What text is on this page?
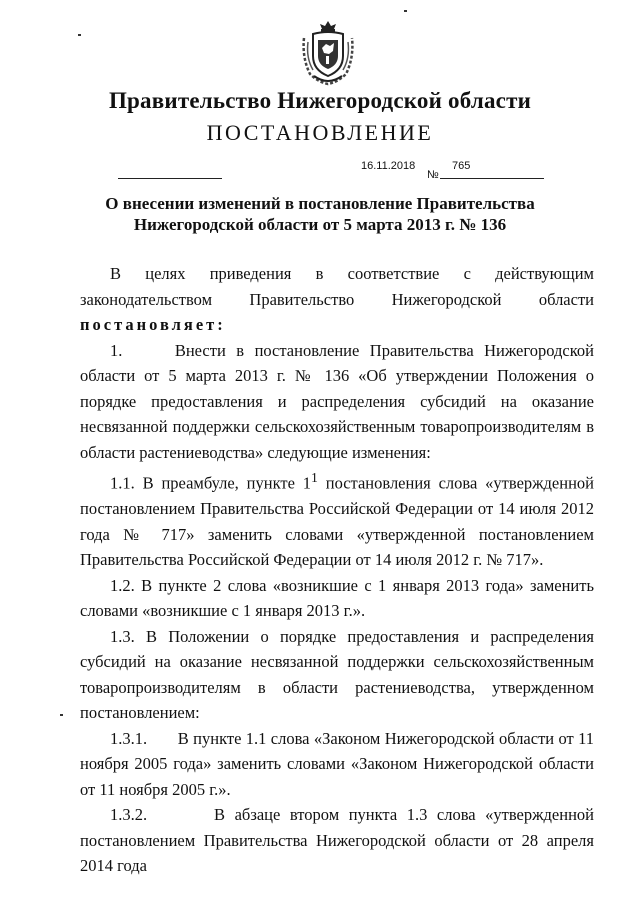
Правительство Нижегородской области
ПОСТАНОВЛЕНИЕ
16.11.2018
№
765
О внесении изменений в постановление Правительства
Нижегородской области от 5 марта 2013 г. № 136

В целях приведения в соответствие с действующим законодательством Правительство Нижегородской области постановляет:

1.     Внести в постановление Правительства Нижегородской области от 5 марта 2013 г. № 136 «Об утверждении Положения о порядке предоставления и распределения субсидий на оказание несвязанной поддержки сельскохозяйственным товаропроизводителям в области растениеводства» следующие изменения:

1.1. В преамбуле, пункте $1^1$ постановления слова «утвержденной постановлением Правительства Российской Федерации от 14 июля 2012 года № 717» заменить словами «утвержденной постановлением Правительства Российской Федерации от 14 июля 2012 г. № 717».

1.2. В пункте 2 слова «возникшие с 1 января 2013 года» заменить словами «возникшие с 1 января 2013 г.».

1.3. В Положении о порядке предоставления и распределения субсидий на оказание несвязанной поддержки сельскохозяйственным товаропроизводителям в области растениеводства, утвержденном постановлением:

1.3.1.       В пункте 1.1 слова «Законом Нижегородской области от 11 ноября 2005 года» заменить словами «Законом Нижегородской области от 11 ноября 2005 г.».

1.3.2.       В абзаце втором пункта 1.3 слова «утвержденной постановлением Правительства Нижегородской области от 28 апреля 2014 года
